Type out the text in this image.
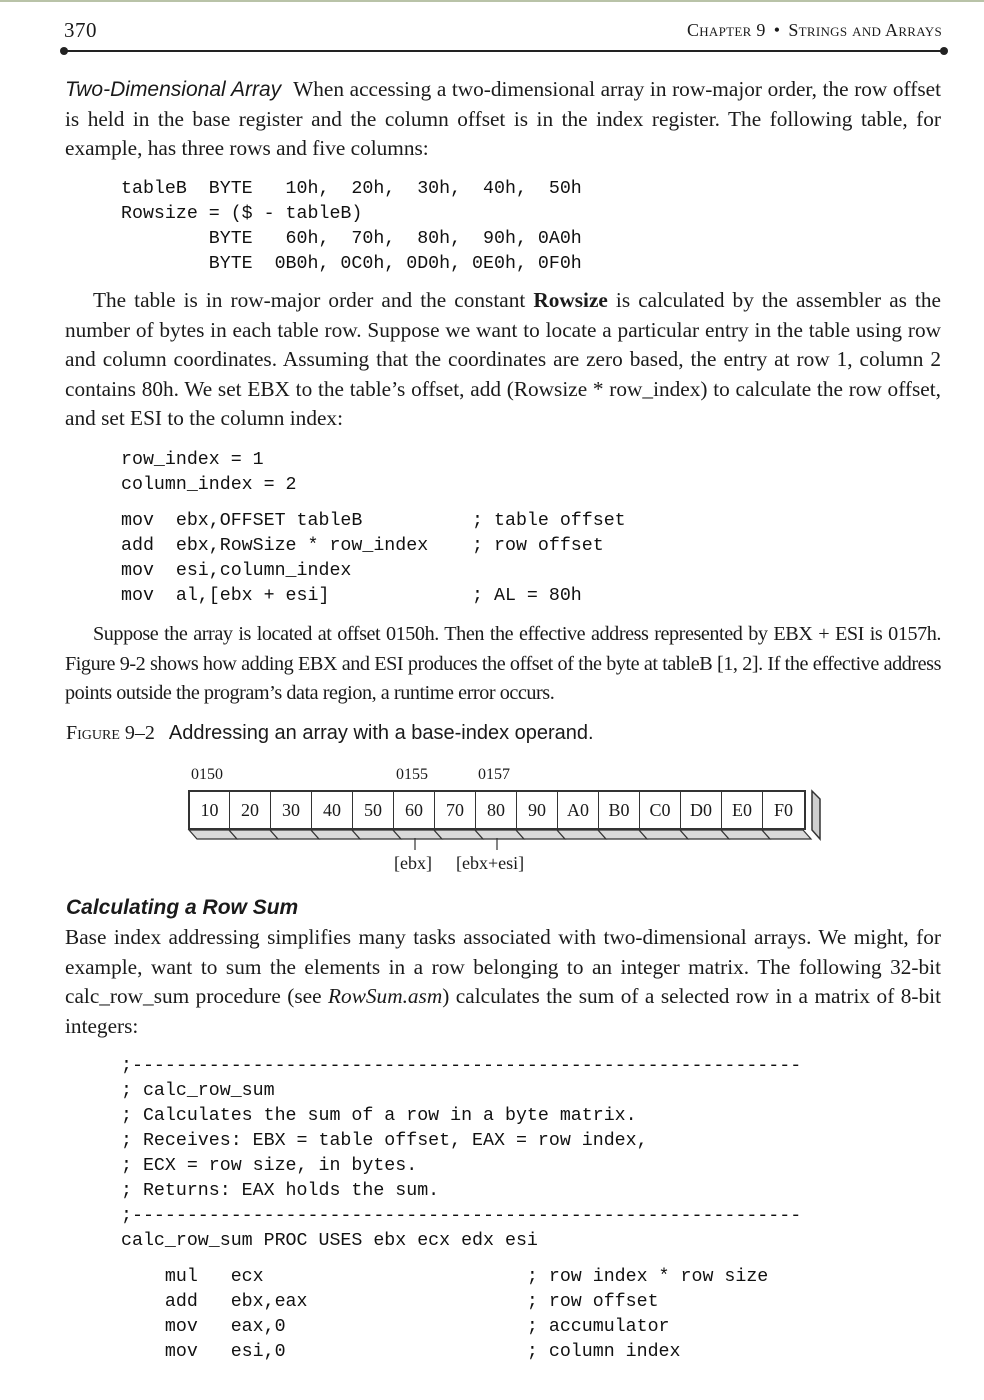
370	Chapter 9 • Strings and Arrays

Two-Dimensional Array When accessing a two-dimensional array in row-major order, the row offset is held in the base register and the column offset is in the index register. The following table, for example, has three rows and five columns:

tableB  BYTE   10h,  20h,  30h,  40h,  50h
Rowsize = ($ - tableB)
BYTE   60h,  70h,  80h,  90h, 0A0h
BYTE  0B0h, 0C0h, 0D0h, 0E0h, 0F0h

The table is in row-major order and the constant Rowsize is calculated by the assembler as the number of bytes in each table row. Suppose we want to locate a particular entry in the table using row and column coordinates. Assuming that the coordinates are zero based, the entry at row 1, column 2 contains 80h. We set EBX to the table’s offset, add (Rowsize * row_index) to calculate the row offset, and set ESI to the column index:

row_index = 1
column_index = 2
mov  ebx,OFFSET tableB          ; table offset
add  ebx,RowSize * row_index    ; row offset
mov  esi,column_index
mov  al,[ebx + esi]             ; AL = 80h

Suppose the array is located at offset 0150h. Then the effective address represented by EBX + ESI is 0157h. Figure 9-2 shows how adding EBX and ESI produces the offset of the byte at tableB [1, 2]. If the effective address points outside the program’s data region, a runtime error occurs.

Figure 9–2 Addressing an array with a base-index operand.
0150	0155	0157
10	20	30	40	50	60	70	80	90	A0	B0	C0	D0	E0	F0
[ebx] [ebx+esi]
Calculating a Row Sum

Base index addressing simplifies many tasks associated with two-dimensional arrays. We might, for example, want to sum the elements in a row belonging to an integer matrix. The following 32-bit calc_row_sum procedure (see RowSum.asm) calculates the sum of a selected row in a matrix of 8-bit integers:

;-------------------------------------------------------------
; calc_row_sum
; Calculates the sum of a row in a byte matrix.
; Receives: EBX = table offset, EAX = row index,
; ECX = row size, in bytes.
; Returns: EAX holds the sum.
;-------------------------------------------------------------
calc_row_sum PROC USES ebx ecx edx esi
mul   ecx                        ; row index * row size
add   ebx,eax                    ; row offset
mov   eax,0                      ; accumulator
mov   esi,0                      ; column index
